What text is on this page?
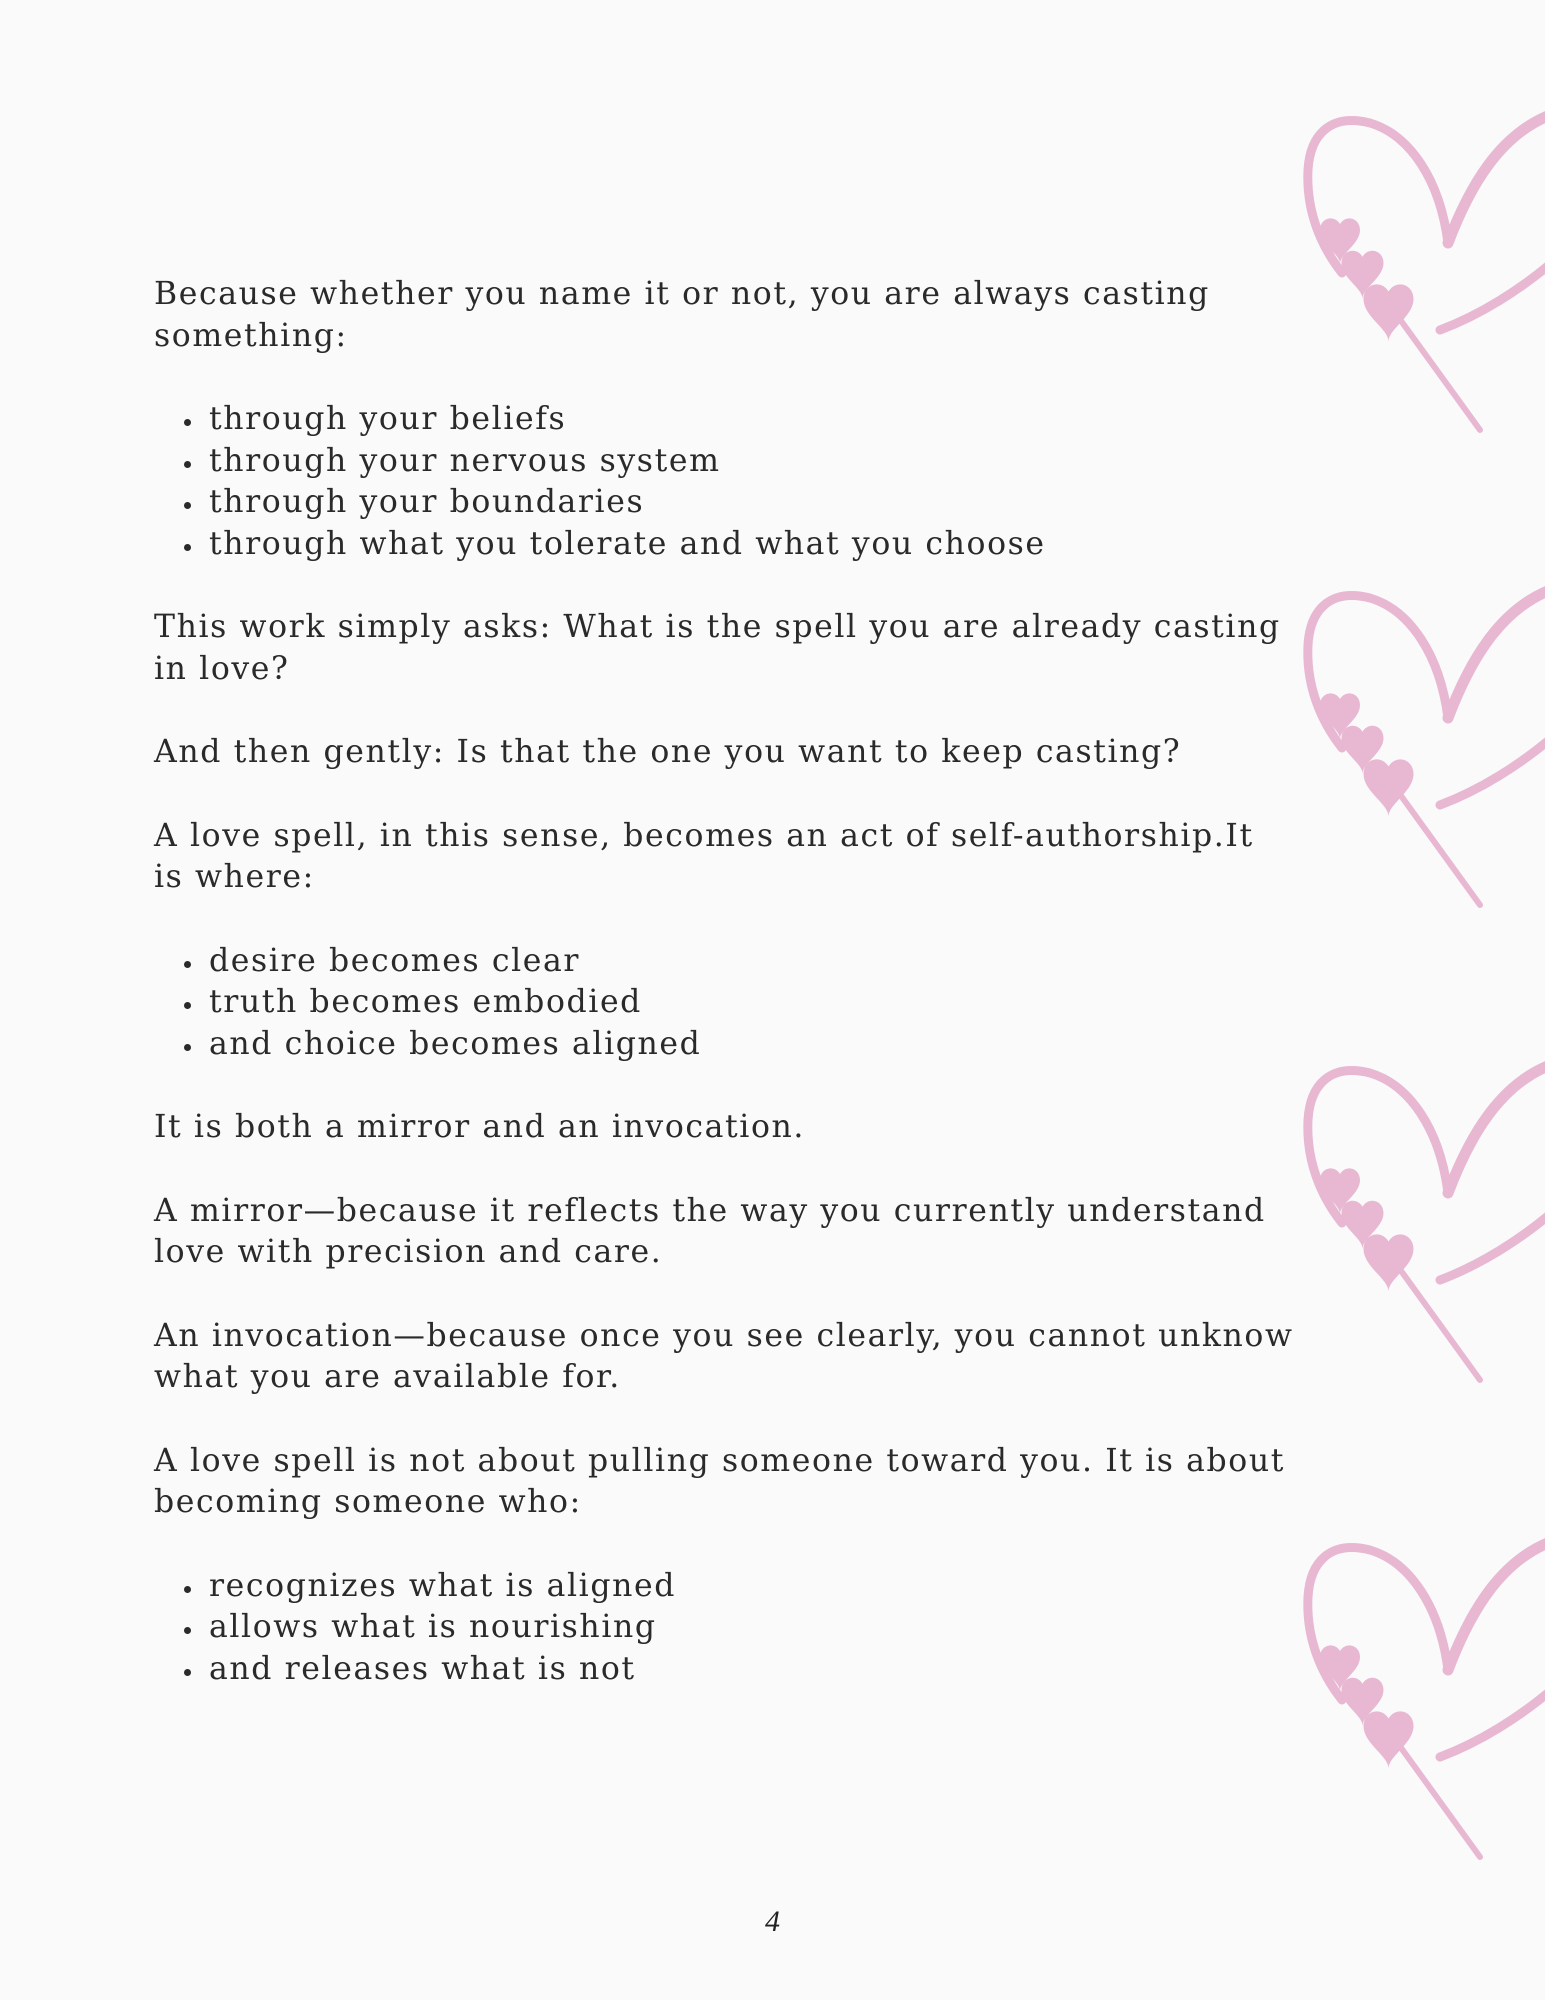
Because whether you name it or not, you are always casting something:

• through your beliefs
• through your nervous system
• through your boundaries
• through what you tolerate and what you choose

This work simply asks: What is the spell you are already casting in love?

And then gently: Is that the one you want to keep casting?

A love spell, in this sense, becomes an act of self-authorship.It is where:

• desire becomes clear
• truth becomes embodied
• and choice becomes aligned

It is both a mirror and an invocation.

A mirror—because it reflects the way you currently understand love with precision and care.

An invocation—because once you see clearly, you cannot unknow what you are available for.

A love spell is not about pulling someone toward you. It is about becoming someone who:

• recognizes what is aligned
• allows what is nourishing
• and releases what is not
4
